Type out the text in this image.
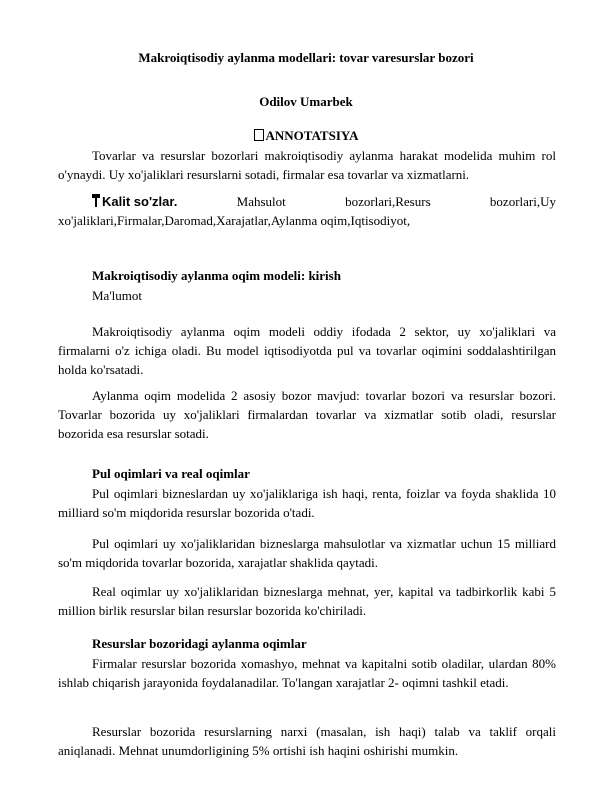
Makroiqtisodiy aylanma modellari: tovar varesurslar bozori
Odilov Umarbek
ANNOTATSIYA

Tovarlar va resurslar bozorlari makroiqtisodiy aylanma harakat modelida muhim rol o'ynaydi. Uy xo'jaliklari resurslarni sotadi, firmalar esa tovarlar va xizmatlarni.

Kalit so'zlar.	Mahsulot	bozorlari,Resurs	bozorlari,Uy
xo'jaliklari,Firmalar,Daromad,Xarajatlar,Aylanma oqim,Iqtisodiyot,
Makroiqtisodiy aylanma oqim modeli: kirish
Ma'lumot

Makroiqtisodiy aylanma oqim modeli oddiy ifodada 2 sektor, uy xo'jaliklari va firmalarni o'z ichiga oladi. Bu model iqtisodiyotda pul va tovarlar oqimini soddalashtirilgan holda ko'rsatadi.

Aylanma oqim modelida 2 asosiy bozor mavjud: tovarlar bozori va resurslar bozori. Tovarlar bozorida uy xo'jaliklari firmalardan tovarlar va xizmatlar sotib oladi, resurslar bozorida esa resurslar sotadi.

Pul oqimlari va real oqimlar

Pul oqimlari bizneslardan uy xo'jaliklariga ish haqi, renta, foizlar va foyda shaklida 10 milliard so'm miqdorida resurslar bozorida o'tadi.

Pul oqimlari uy xo'jaliklaridan bizneslarga mahsulotlar va xizmatlar uchun 15 milliard so'm miqdorida tovarlar bozorida, xarajatlar shaklida qaytadi.

Real oqimlar uy xo'jaliklaridan bizneslarga mehnat, yer, kapital va tadbirkorlik kabi 5 million birlik resurslar bilan resurslar bozorida ko'chiriladi.

Resurslar bozoridagi aylanma oqimlar

Firmalar resurslar bozorida xomashyo, mehnat va kapitalni sotib oladilar, ulardan 80% ishlab chiqarish jarayonida foydalanadilar. To'langan xarajatlar 2- oqimni tashkil etadi.

Resurslar bozorida resurslarning narxi (masalan, ish haqi) talab va taklif orqali aniqlanadi. Mehnat unumdorligining 5% ortishi ish haqini oshirishi mumkin.
